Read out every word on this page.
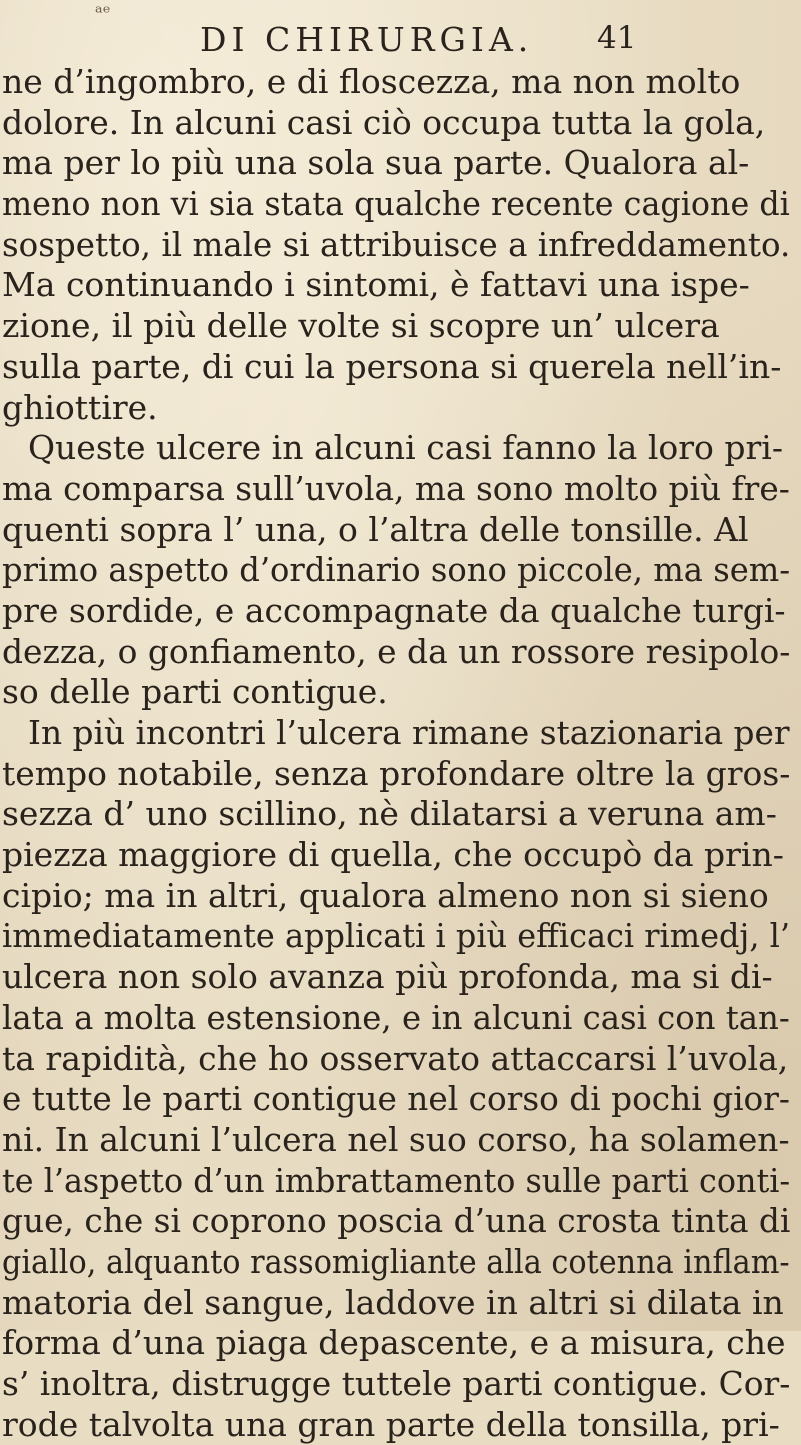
ᵃᵉ
DI CHIRURGIA. 41
ne d’ingombro, e di floscezza, ma non molto
dolore. In alcuni casi ciò occupa tutta la gola,
ma per lo più una sola sua parte. Qualora al-
meno non vi sia stata qualche recente cagione di
sospetto, il male si attribuisce a infreddamento.
Ma continuando i sintomi, è fattavi una ispe-
zione, il più delle volte si scopre un’ ulcera
sulla parte, di cui la persona si querela nell’in-
ghiottire.
Queste ulcere in alcuni casi fanno la loro pri-
ma comparsa sull’uvola, ma sono molto più fre-
quenti sopra l’ una, o l’altra delle tonsille. Al
primo aspetto d’ordinario sono piccole, ma sem-
pre sordide, e accompagnate da qualche turgi-
dezza, o gonfiamento, e da un rossore resipolo-
so delle parti contigue.
In più incontri l’ulcera rimane stazionaria per
tempo notabile, senza profondare oltre la gros-
sezza d’ uno scillino, nè dilatarsi a veruna am-
piezza maggiore di quella, che occupò da prin-
cipio; ma in altri, qualora almeno non si sieno
immediatamente applicati i più efficaci rimedj, l’
ulcera non solo avanza più profonda, ma si di-
lata a molta estensione, e in alcuni casi con tan-
ta rapidità, che ho osservato attaccarsi l’uvola,
e tutte le parti contigue nel corso di pochi gior-
ni. In alcuni l’ulcera nel suo corso, ha solamen-
te l’aspetto d’un imbrattamento sulle parti conti-
gue, che si coprono poscia d’una crosta tinta di
giallo, alquanto rassomigliante alla cotenna inflam-
matoria del sangue, laddove in altri si dilata in
forma d’una piaga depascente, e a misura, che
s’ inoltra, distrugge tuttele parti contigue. Cor-
rode talvolta una gran parte della tonsilla, pri-
